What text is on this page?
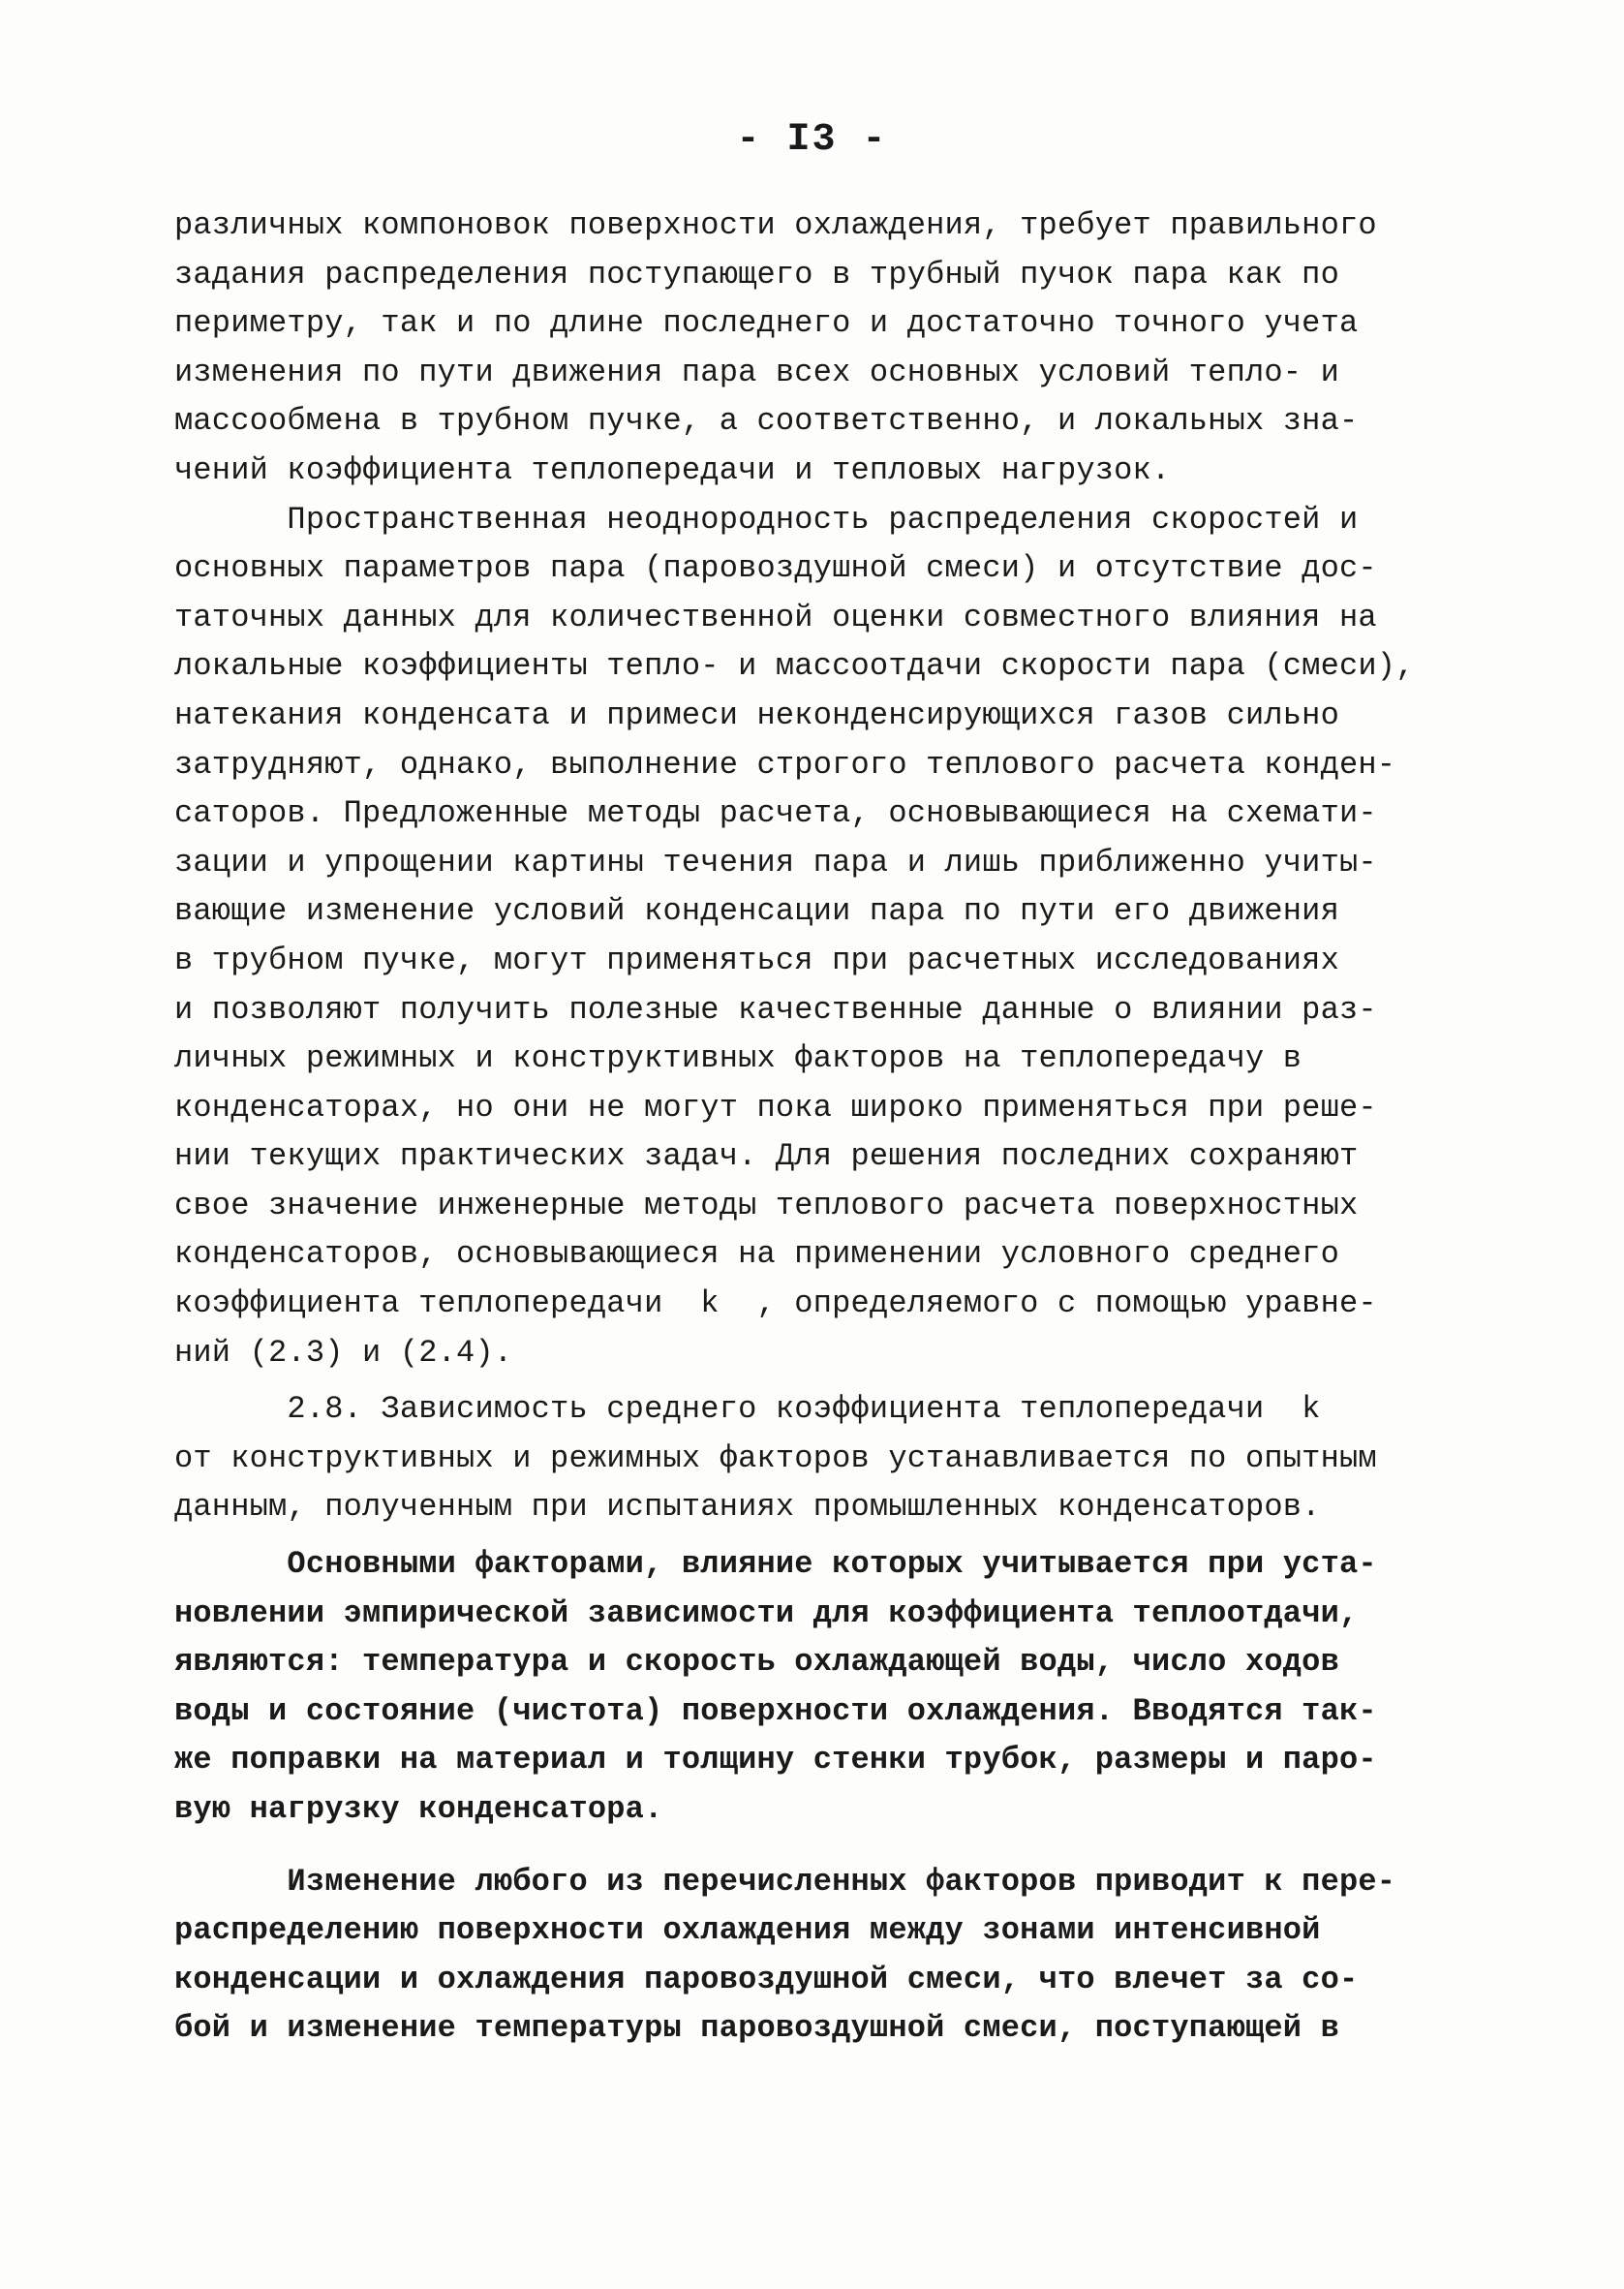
- I3 -
различных компоновок поверхности охлаждения, требует правильного
задания распределения поступающего в трубный пучок пара как по
периметру, так и по длине последнего и достаточно точного учета
изменения по пути движения пара всех основных условий тепло- и
массообмена в трубном пучке, а соответственно, и локальных зна-
чений коэффициента теплопередачи и тепловых нагрузок.
Пространственная неоднородность распределения скоростей и
основных параметров пара (паровоздушной смеси) и отсутствие дос-
таточных данных для количественной оценки совместного влияния на
локальные коэффициенты тепло- и массоотдачи скорости пара (смеси),
натекания конденсата и примеси неконденсирующихся газов сильно
затрудняют, однако, выполнение строгого теплового расчета конден-
саторов. Предложенные методы расчета, основывающиеся на схемати-
зации и упрощении картины течения пара и лишь приближенно учиты-
вающие изменение условий конденсации пара по пути его движения
в трубном пучке, могут применяться при расчетных исследованиях
и позволяют получить полезные качественные данные о влиянии раз-
личных режимных и конструктивных факторов на теплопередачу в
конденсаторах, но они не могут пока широко применяться при реше-
нии текущих практических задач. Для решения последних сохраняют
свое значение инженерные методы теплового расчета поверхностных
конденсаторов, основывающиеся на применении условного среднего
коэффициента теплопередачи  k  , определяемого с помощью уравне-
ний (2.3) и (2.4).
2.8. Зависимость среднего коэффициента теплопередачи  k
от конструктивных и режимных факторов устанавливается по опытным
данным, полученным при испытаниях промышленных конденсаторов.
Основными факторами, влияние которых учитывается при уста-
новлении эмпирической зависимости для коэффициента теплоотдачи,
являются: температура и скорость охлаждающей воды, число ходов
воды и состояние (чистота) поверхности охлаждения. Вводятся так-
же поправки на материал и толщину стенки трубок, размеры и паро-
вую нагрузку конденсатора.
Изменение любого из перечисленных факторов приводит к пере-
распределению поверхности охлаждения между зонами интенсивной
конденсации и охлаждения паровоздушной смеси, что влечет за со-
бой и изменение температуры паровоздушной смеси, поступающей в
